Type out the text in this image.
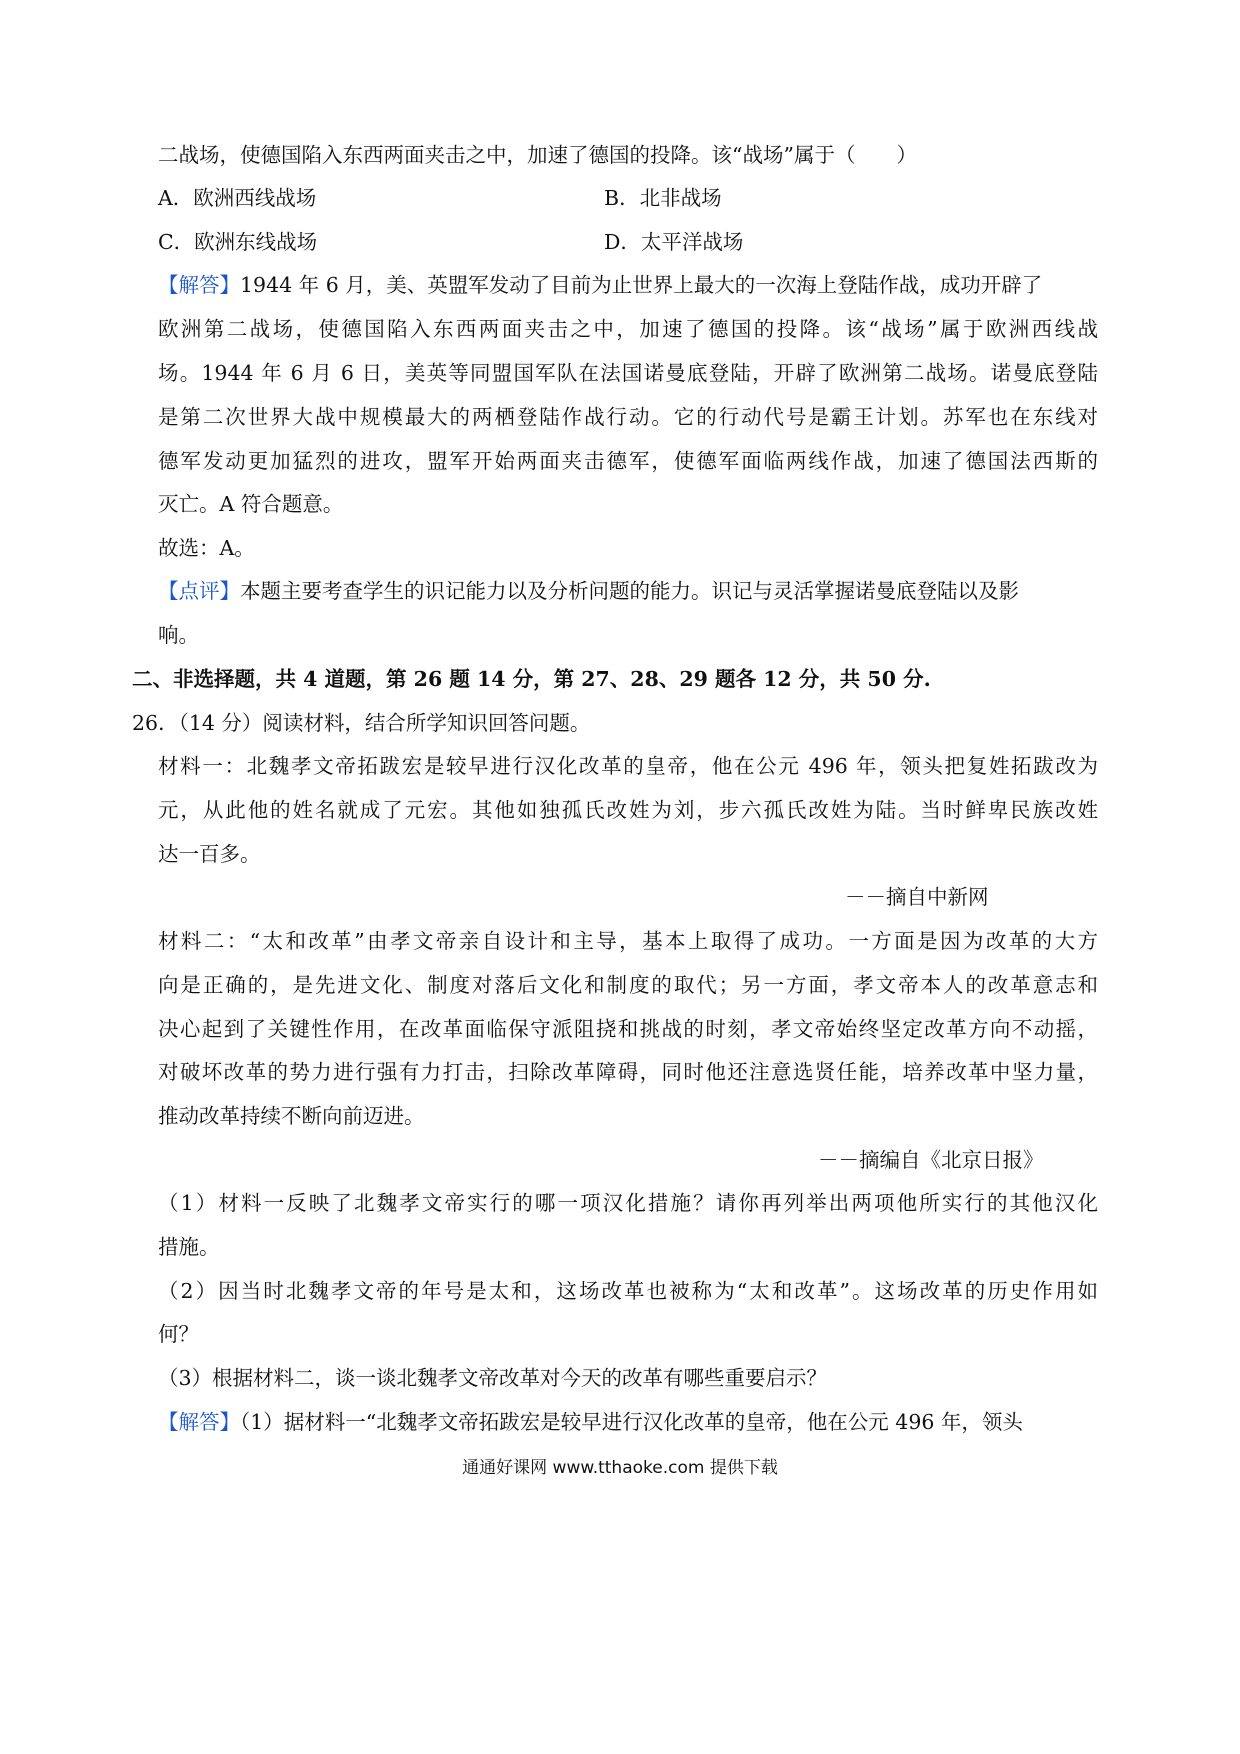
二战场，使德国陷入东西两面夹击之中，加速了德国的投降。该“战场”属于（　　）
A．欧洲西线战场	B．北非战场
C．欧洲东线战场	D．太平洋战场
【解答】1944 年 6 月，美、英盟军发动了目前为止世界上最大的一次海上登陆作战，成功开辟了
欧洲第二战场，使德国陷入东西两面夹击之中，加速了德国的投降。该“战场”属于欧洲西线战
场。1944 年 6 月 6 日，美英等同盟国军队在法国诺曼底登陆，开辟了欧洲第二战场。诺曼底登陆
是第二次世界大战中规模最大的两栖登陆作战行动。它的行动代号是霸王计划。苏军也在东线对
德军发动更加猛烈的进攻，盟军开始两面夹击德军，使德军面临两线作战，加速了德国法西斯的
灭亡。A 符合题意。
故选：A。
【点评】本题主要考查学生的识记能力以及分析问题的能力。识记与灵活掌握诺曼底登陆以及影
响。
二、非选择题，共 4 道题，第 26 题 14 分，第 27、28、29 题各 12 分，共 50 分.
26．（14 分）阅读材料，结合所学知识回答问题。
材料一：北魏孝文帝拓跋宏是较早进行汉化改革的皇帝，他在公元 496 年，领头把复姓拓跋改为
元，从此他的姓名就成了元宏。其他如独孤氏改姓为刘，步六孤氏改姓为陆。当时鲜卑民族改姓
达一百多。
－－摘自中新网
材料二：“太和改革”由孝文帝亲自设计和主导，基本上取得了成功。一方面是因为改革的大方
向是正确的，是先进文化、制度对落后文化和制度的取代；另一方面，孝文帝本人的改革意志和
决心起到了关键性作用，在改革面临保守派阻挠和挑战的时刻，孝文帝始终坚定改革方向不动摇，
对破坏改革的势力进行强有力打击，扫除改革障碍，同时他还注意选贤任能，培养改革中坚力量，
推动改革持续不断向前迈进。
－－摘编自《北京日报》
（1）材料一反映了北魏孝文帝实行的哪一项汉化措施？请你再列举出两项他所实行的其他汉化
措施。
（2）因当时北魏孝文帝的年号是太和，这场改革也被称为“太和改革”。这场改革的历史作用如
何？
（3）根据材料二，谈一谈北魏孝文帝改革对今天的改革有哪些重要启示？
【解答】（1）据材料一“北魏孝文帝拓跋宏是较早进行汉化改革的皇帝，他在公元 496 年，领头
通通好课网 www.tthaoke.com 提供下载
